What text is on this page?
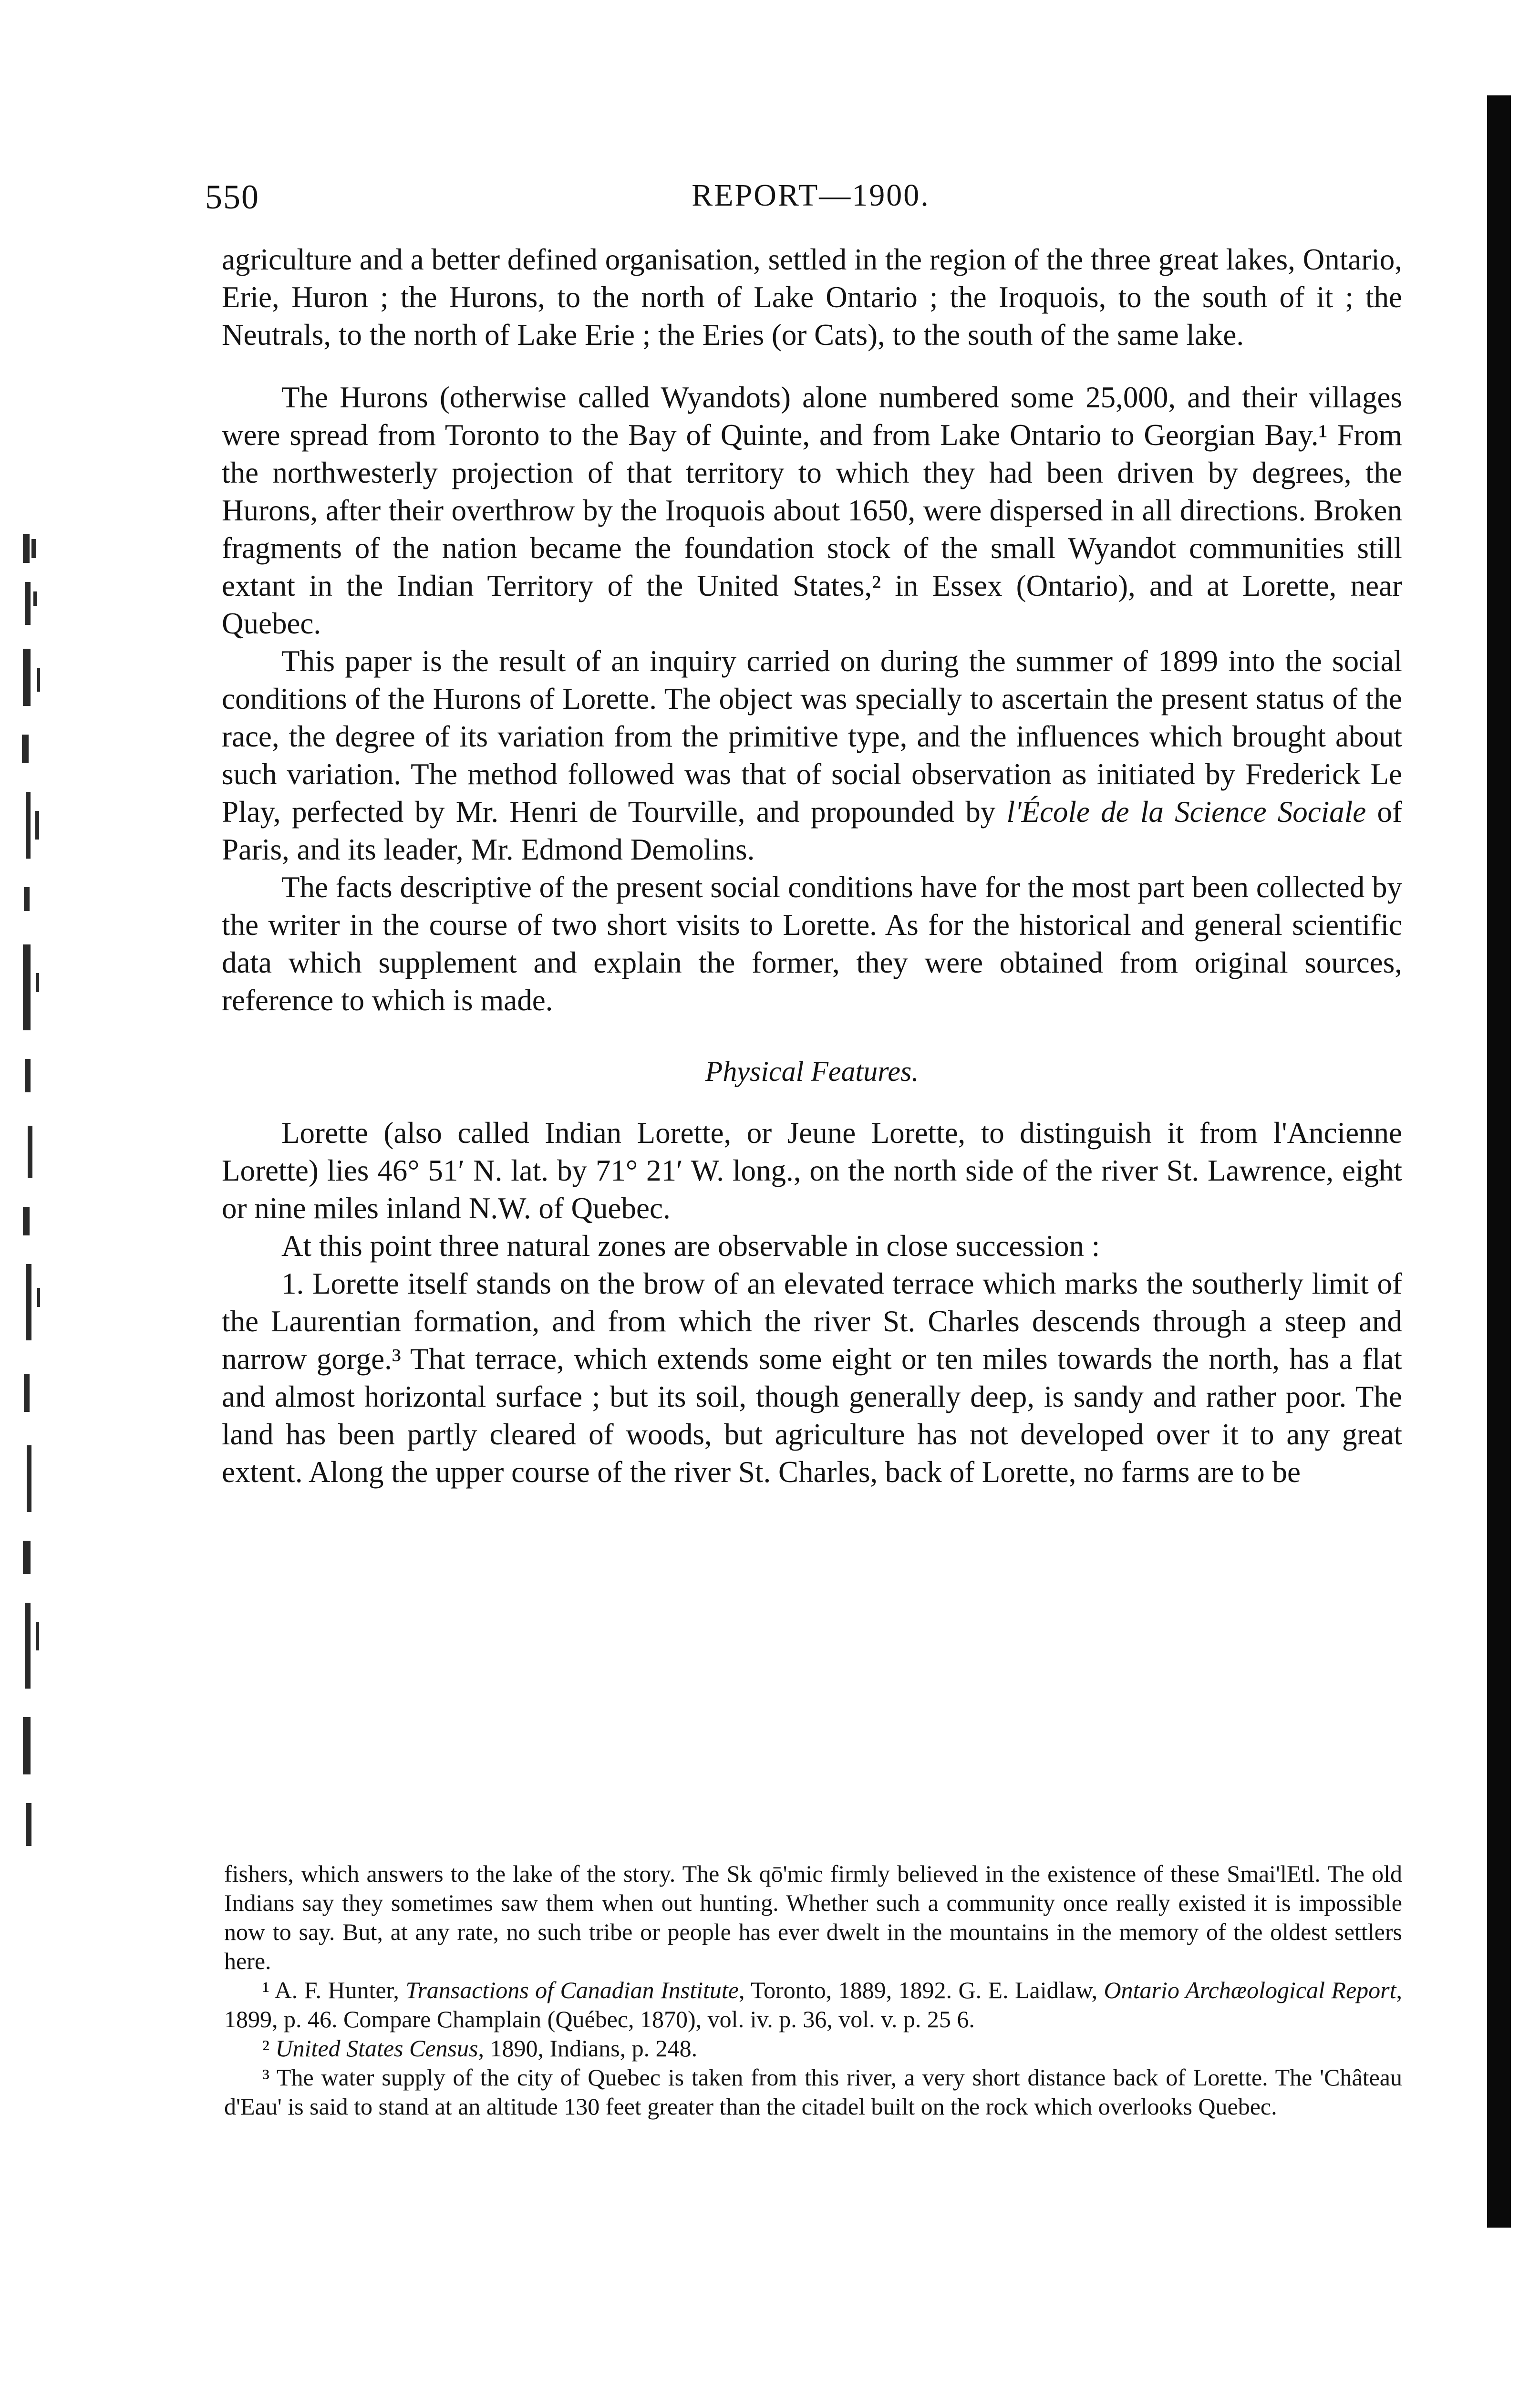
550	REPORT—1900.

agriculture and a better defined organisation, settled in the region of the three great lakes, Ontario, Erie, Huron ; the Hurons, to the north of Lake Ontario ; the Iroquois, to the south of it ; the Neutrals, to the north of Lake Erie ; the Eries (or Cats), to the south of the same lake.

The Hurons (otherwise called Wyandots) alone numbered some 25,000, and their villages were spread from Toronto to the Bay of Quinte, and from Lake Ontario to Georgian Bay.¹ From the northwesterly projection of that territory to which they had been driven by degrees, the Hurons, after their overthrow by the Iroquois about 1650, were dispersed in all directions. Broken fragments of the nation became the foundation stock of the small Wyandot communities still extant in the Indian Territory of the United States,² in Essex (Ontario), and at Lorette, near Quebec.

This paper is the result of an inquiry carried on during the summer of 1899 into the social conditions of the Hurons of Lorette. The object was specially to ascertain the present status of the race, the degree of its variation from the primitive type, and the influences which brought about such variation. The method followed was that of social observation as initiated by Frederick Le Play, perfected by Mr. Henri de Tourville, and propounded by l'École de la Science Sociale of Paris, and its leader, Mr. Edmond Demolins.

The facts descriptive of the present social conditions have for the most part been collected by the writer in the course of two short visits to Lorette. As for the historical and general scientific data which supplement and explain the former, they were obtained from original sources, reference to which is made.

Physical Features.

Lorette (also called Indian Lorette, or Jeune Lorette, to distinguish it from l'Ancienne Lorette) lies 46° 51′ N. lat. by 71° 21′ W. long., on the north side of the river St. Lawrence, eight or nine miles inland N.W. of Quebec.

At this point three natural zones are observable in close succession :

1. Lorette itself stands on the brow of an elevated terrace which marks the southerly limit of the Laurentian formation, and from which the river St. Charles descends through a steep and narrow gorge.³ That terrace, which extends some eight or ten miles towards the north, has a flat and almost horizontal surface ; but its soil, though generally deep, is sandy and rather poor. The land has been partly cleared of woods, but agriculture has not developed over it to any great extent. Along the upper course of the river St. Charles, back of Lorette, no farms are to be

fishers, which answers to the lake of the story. The Sk qō'mic firmly believed in the existence of these Smai'lEtl. The old Indians say they sometimes saw them when out hunting. Whether such a community once really existed it is impossible now to say. But, at any rate, no such tribe or people has ever dwelt in the mountains in the memory of the oldest settlers here.

¹ A. F. Hunter, Transactions of Canadian Institute, Toronto, 1889, 1892. G. E. Laidlaw, Ontario Archæological Report, 1899, p. 46. Compare Champlain (Québec, 1870), vol. iv. p. 36, vol. v. p. 25 6.

² United States Census, 1890, Indians, p. 248.

³ The water supply of the city of Quebec is taken from this river, a very short distance back of Lorette. The 'Château d'Eau' is said to stand at an altitude 130 feet greater than the citadel built on the rock which overlooks Quebec.
